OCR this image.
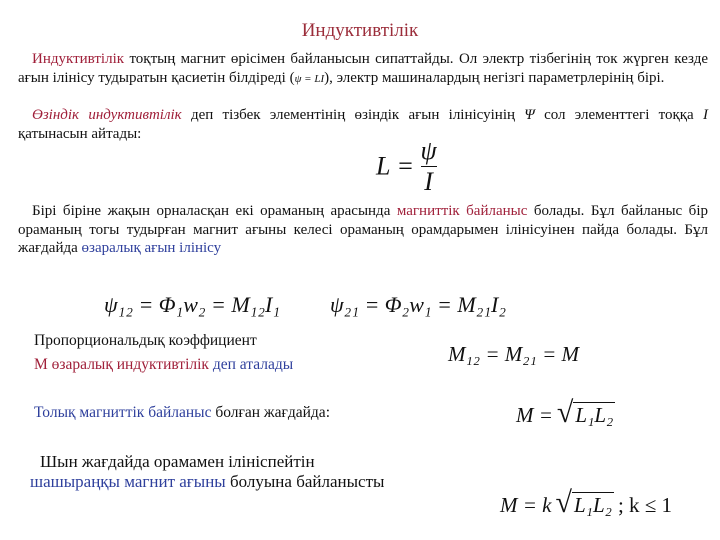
Индуктивтілік
Индуктивтілік тоқтың магнит өрісімен байланысын сипаттайды. Ол электр тізбегінің ток жүрген кезде ағын ілінісу тудыратын қасиетін білдіреді (ψ = LI), электр машиналардың негізгі параметрлерінің бірі.
Өзіндік индуктивтілік деп тізбек элементінің өзіндік ағын ілінісуінің Ψ сол элементтегі тоққа I қатынасын айтады:
$L = \frac{\psi}{I}$
Бірі біріне жақын орналасқан екі ораманың арасында магниттік байланыс болады. Бұл байланыс бір ораманың тогы тудырған магнит ағыны келесі ораманың орамдарымен ілінісуінен пайда болады. Бұл жағдайда өзаралық ағын ілінісу
ψ₁₂ = Φ₁w₂ = M₁₂I₁ ψ₂₁ = Φ₂w₁ = M₂₁I₂
Пропорциональдық коэффициент
M өзаралық индуктивтілік деп аталады	M₁₂ = M₂₁ = M
Толық магниттік байланыс болған жағдайда:	M = √ L₁L₂
Шын жағдайда орамамен ілініспейтін
шашыраңқы магнит ағыны болуына байланысты
M = k √ L₁L₂ ; k ≤ 1
